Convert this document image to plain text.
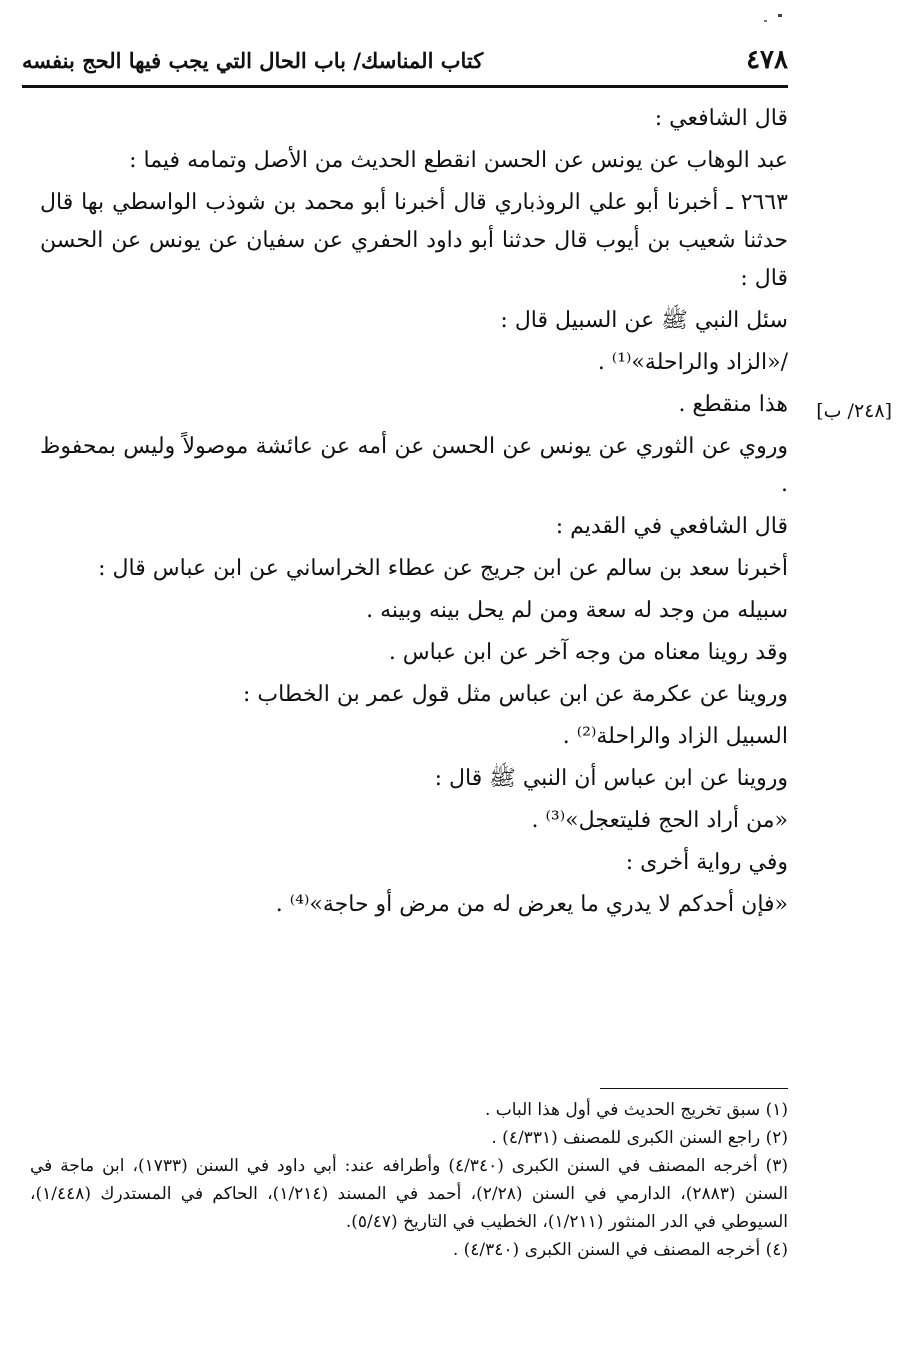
٤٧٨
كتاب المناسك/ باب الحال التي يجب فيها الحج بنفسه
[٢٤٨/ ب]

قال الشافعي :

عبد الوهاب عن يونس عن الحسن انقطع الحديث من الأصل وتمامه فيما :

٢٦٦٣ ـ أخبرنا أبو علي الروذباري قال أخبرنا أبو محمد بن شوذب الواسطي بها قال حدثنا شعيب بن أيوب قال حدثنا أبو داود الحفري عن سفيان عن يونس عن الحسن قال :

سئل النبي ﷺ عن السبيل قال :

/«الزاد والراحلة»⁽¹⁾ .

هذا منقطع .

وروي عن الثوري عن يونس عن الحسن عن أمه عن عائشة موصولاً وليس بمحفوظ .

قال الشافعي في القديم :

أخبرنا سعد بن سالم عن ابن جريج عن عطاء الخراساني عن ابن عباس قال :

سبيله من وجد له سعة ومن لم يحل بينه وبينه .

وقد روينا معناه من وجه آخر عن ابن عباس .

وروينا عن عكرمة عن ابن عباس مثل قول عمر بن الخطاب :

السبيل الزاد والراحلة⁽²⁾ .

وروينا عن ابن عباس أن النبي ﷺ قال :

«من أراد الحج فليتعجل»⁽³⁾ .

وفي رواية أخرى :

«فإن أحدكم لا يدري ما يعرض له من مرض أو حاجة»⁽⁴⁾ .

(١) سبق تخريج الحديث في أول هذا الباب .
(٢) راجع السنن الكبرى للمصنف (٤/٣٣١) .
(٣) أخرجه المصنف في السنن الكبرى (٤/٣٤٠) وأطرافه عند: أبي داود في السنن (١٧٣٣)، ابن ماجة في السنن (٢٨٨٣)، الدارمي في السنن (٢/٢٨)، أحمد في المسند (١/٢١٤)، الحاكم في المستدرك (١/٤٤٨)، السيوطي في الدر المنثور (١/٢١١)، الخطيب في التاريخ (٥/٤٧).
(٤) أخرجه المصنف في السنن الكبرى (٤/٣٤٠) .
